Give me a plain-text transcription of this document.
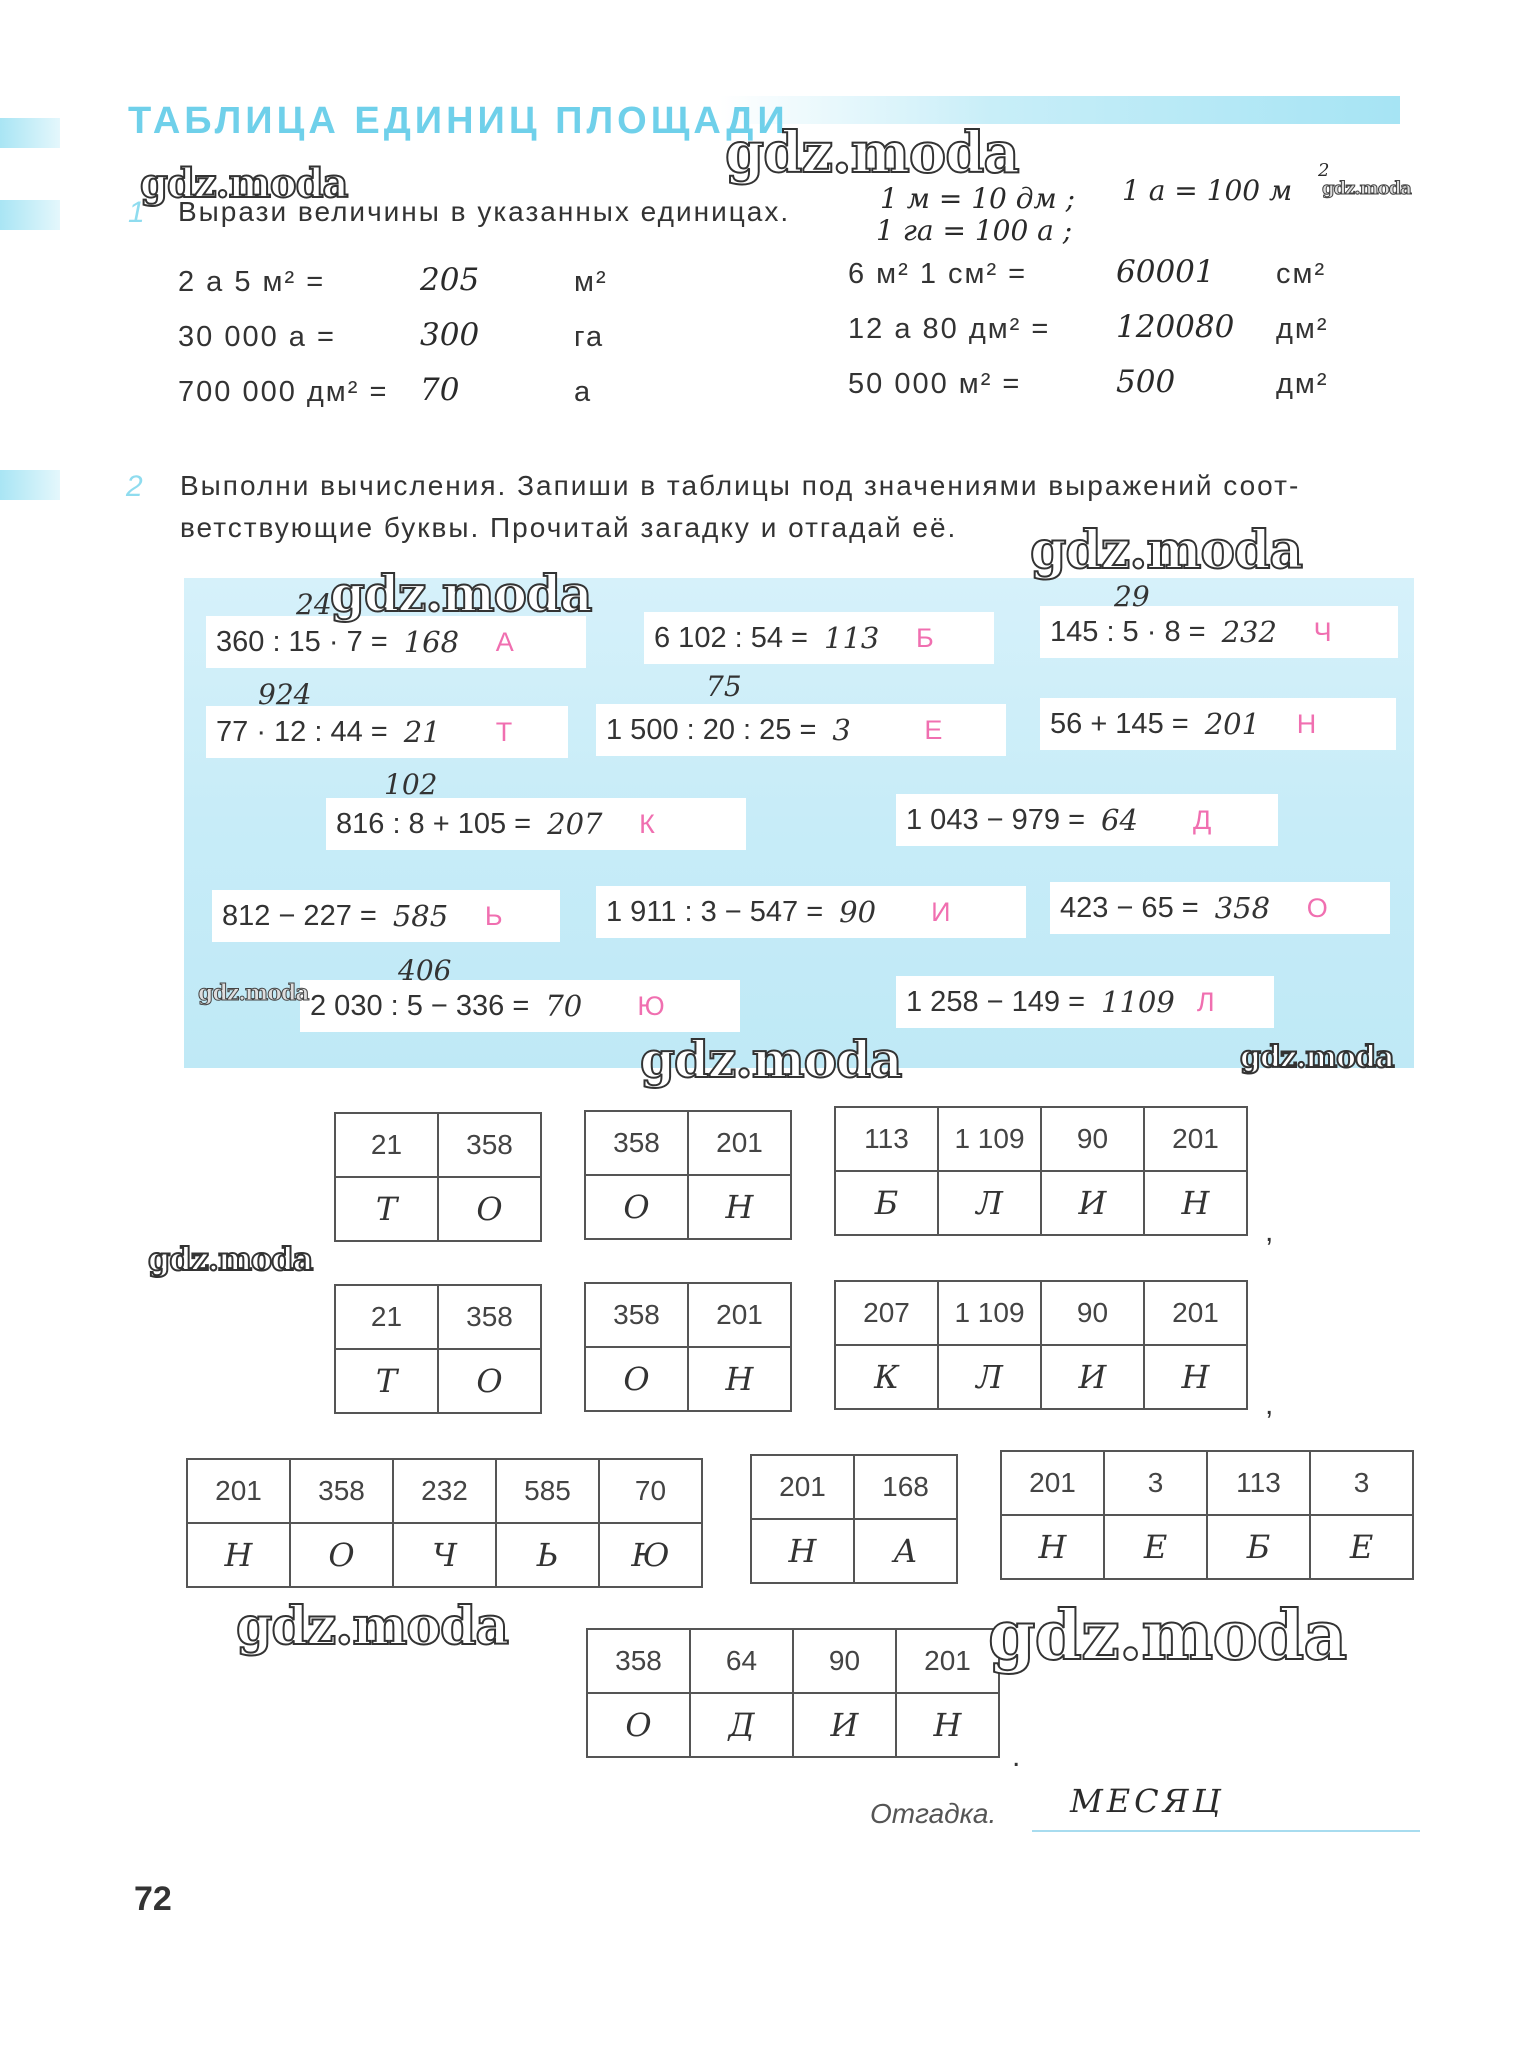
ТАБЛИЦА ЕДИНИЦ ПЛОЩАДИ
1 Вырази величины в указанных единицах.	1 м = 10 дм ; 1 а = 100 м
2
1 га = 100 а ;
2 а 5 м² =	205	м²
30 000 а =	300	га
700 000 дм² = 70	а
6 м² 1 см² =	60001 см²
12 а 80 дм² = 120080 дм²
50 000 м² =	500	дм²
2 Выполни вычисления. Запиши в таблицы под значениями выражений соот-
ветствующие буквы. Прочитай загадку и отгадай её.
360 : 15 · 7 = 168	А
24
6 102 : 54 = 113	Б	145 : 5 · 8 = 232	Ч
29
77 · 12 : 44 = 21	Т
924
1 500 : 20 : 25 = 3	Е
75
56 + 145 = 201	Н
816 : 8 + 105 = 207	К
102
1 043 − 979 = 64	Д
812 − 227 = 585	Ь	1 911 : 3 − 547 = 90	И	423 − 65 = 358	О
2 030 : 5 − 336 = 70	Ю
406
1 258 − 149 = 1109 Л
21	358
Т	О
358	201
О	Н
113	1 109	90	201
Б	Л	И	Н
21	358
Т	О
358	201
О	Н
207	1 109	90	201
К	Л	И	Н
201	358	232	585	70
Н	О	Ч	Ь	Ю
201	168
Н	А
201	3	113	3
Н	Е	Б	Е
358	64	90	201
О	Д	И	Н
,
,
.
Отгадка. МЕСЯЦ
72
gdz.moda	gdz.moda
gdz.moda
gdz.moda
gdz.moda
gdz.moda
gdz.moda	gdz.moda
gdz.moda
gdz.moda	gdz.moda
